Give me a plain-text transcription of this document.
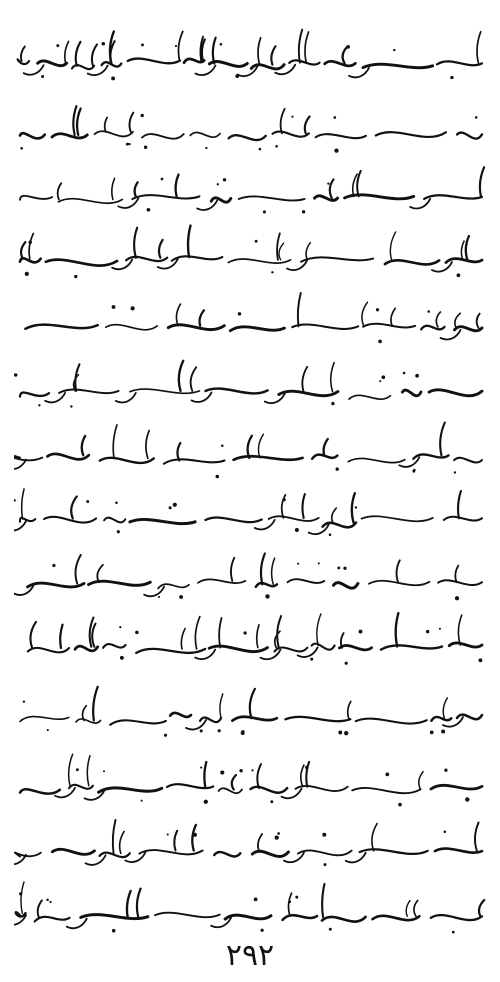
۲۹۲
